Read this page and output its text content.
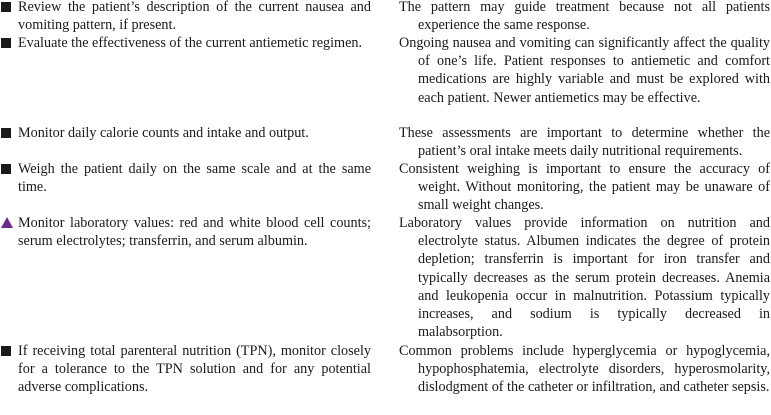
Review the patient’s description of the current nausea and vomiting pattern, if present.
The pattern may guide treatment because not all patients experience the same response.
Evaluate the effectiveness of the current antiemetic regimen.	Ongoing nausea and vomiting can significantly affect the quality of one’s life. Patient responses to antiemetic and comfort medications are highly variable and must be explored with each patient. Newer antiemetics may be effective.
Monitor daily calorie counts and intake and output.	These assessments are important to determine whether the patient’s oral intake meets daily nutritional requirements.
Weigh the patient daily on the same scale and at the same time.
Consistent weighing is important to ensure the accuracy of weight. Without monitoring, the patient may be unaware of small weight changes.
Monitor laboratory values: red and white blood cell counts; serum electrolytes; transferrin, and serum albumin.
Laboratory values provide information on nutrition and electrolyte status. Albumen indicates the degree of protein depletion; transferrin is important for iron transfer and typically decreases as the serum protein decreases. Anemia and leukopenia occur in malnutrition. Potassium typically increases, and sodium is typically decreased in malabsorption.
If receiving total parenteral nutrition (TPN), monitor closely for a tolerance to the TPN solution and for any potential adverse complications.
Common problems include hyperglycemia or hypoglycemia, hypophosphatemia, electrolyte disorders, hyperosmolarity, dislodgment of the catheter or infiltration, and catheter sepsis.
